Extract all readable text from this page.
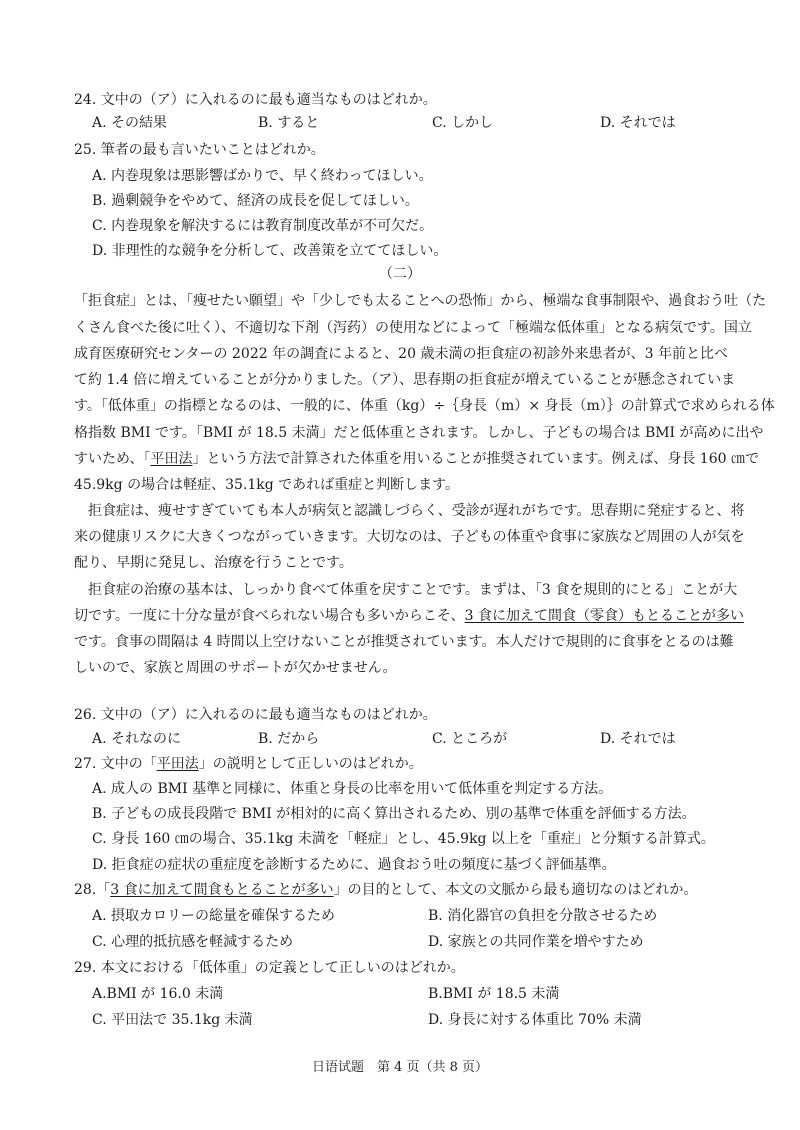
24. 文中の（ア）に入れるのに最も適当なものはどれか。
A. その結果	B. すると	C. しかし	D. それでは
25. 筆者の最も言いたいことはどれか。
A. 内巻現象は悪影響ばかりで、早く終わってほしい。
B. 過剰競争をやめて、経済の成長を促してほしい。
C. 内巻現象を解決するには教育制度改革が不可欠だ。
D. 非理性的な競争を分析して、改善策を立ててほしい。
（二）
「拒食症」とは、「痩せたい願望」や「少しでも太ることへの恐怖」から、極端な食事制限や、過食おう吐（た
くさん食べた後に吐く）、不適切な下剤（泻药）の使用などによって「極端な低体重」となる病気です。国立
成育医療研究センターの 2022 年の調査によると、20 歳未満の拒食症の初診外来患者が、3 年前と比べ
て約 1.4 倍に増えていることが分かりました。（ア）、思春期の拒食症が増えていることが懸念されていま
す。「低体重」の指標となるのは、一般的に、体重（kg）÷｛身長（m）× 身長（m）｝の計算式で求められる体
格指数 BMI です。「BMI が 18.5 未満」だと低体重とされます。しかし、子どもの場合は BMI が高めに出や
すいため、「平田法」という方法で計算された体重を用いることが推奨されています。例えば、身長 160 ㎝で
45.9kg の場合は軽症、35.1kg であれば重症と判断します。
拒食症は、痩せすぎていても本人が病気と認識しづらく、受診が遅れがちです。思春期に発症すると、将
来の健康リスクに大きくつながっていきます。大切なのは、子どもの体重や食事に家族など周囲の人が気を
配り、早期に発見し、治療を行うことです。
拒食症の治療の基本は、しっかり食べて体重を戻すことです。まずは、「3 食を規則的にとる」ことが大
切です。一度に十分な量が食べられない場合も多いからこそ、3 食に加えて間食（零食）もとることが多い
です。食事の間隔は 4 時間以上空けないことが推奨されています。本人だけで規則的に食事をとるのは難
しいので、家族と周囲のサポートが欠かせません。
26. 文中の（ア）に入れるのに最も適当なものはどれか。
A. それなのに	B. だから	C. ところが	D. それでは
27. 文中の「平田法」の説明として正しいのはどれか。
A. 成人の BMI 基準と同様に、体重と身長の比率を用いて低体重を判定する方法。
B. 子どもの成長段階で BMI が相対的に高く算出されるため、別の基準で体重を評価する方法。
C. 身長 160 ㎝の場合、35.1kg 未満を「軽症」とし、45.9kg 以上を「重症」と分類する計算式。
D. 拒食症の症状の重症度を診断するために、過食おう吐の頻度に基づく評価基準。
28.「3 食に加えて間食もとることが多い」の目的として、本文の文脈から最も適切なのはどれか。
A. 摂取カロリーの総量を確保するため	B. 消化器官の負担を分散させるため
C. 心理的抵抗感を軽減するため	D. 家族との共同作業を増やすため
29. 本文における「低体重」の定義として正しいのはどれか。
A.BMI が 16.0 未満	B.BMI が 18.5 未満
C. 平田法で 35.1kg 未満	D. 身長に対する体重比 70% 未満
日语试题　第 4 页（共 8 页）
